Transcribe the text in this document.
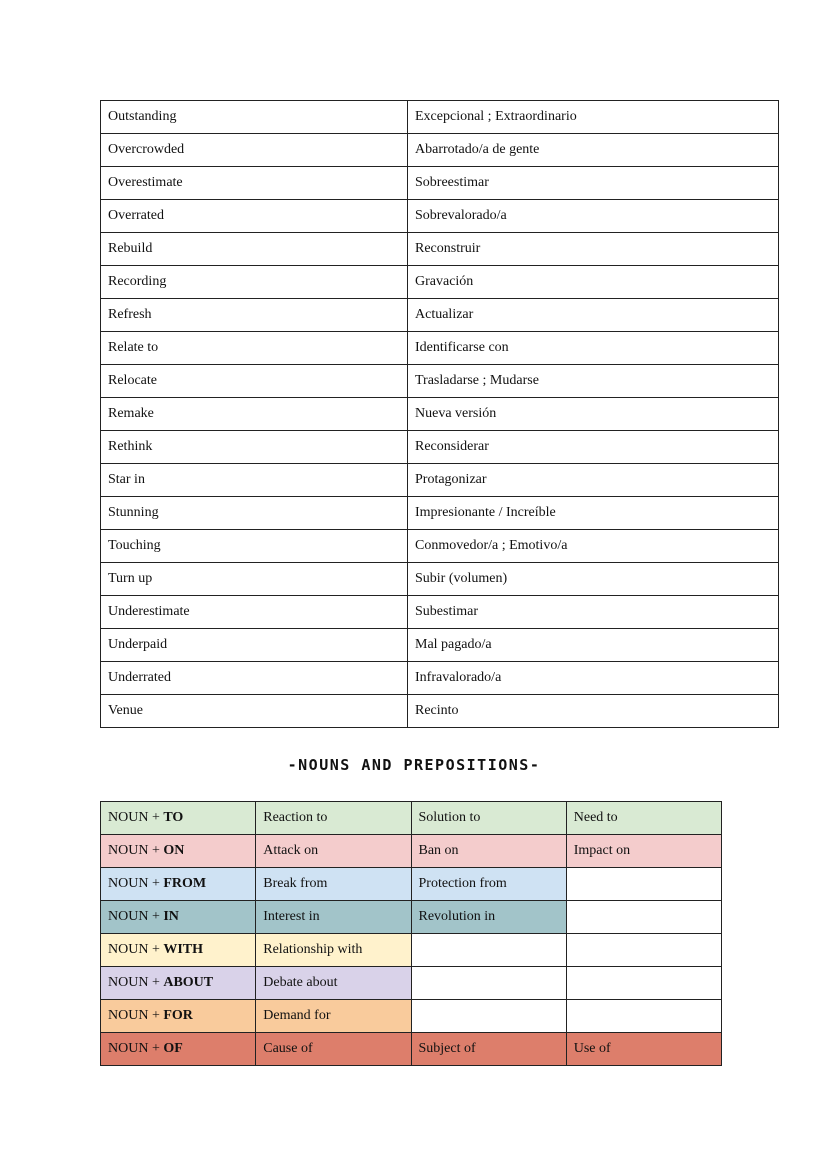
Outstanding	Excepcional ; Extraordinario
Overcrowded	Abarrotado/a de gente
Overestimate	Sobreestimar
Overrated	Sobrevalorado/a
Rebuild	Reconstruir
Recording	Gravación
Refresh	Actualizar
Relate to	Identificarse con
Relocate	Trasladarse ; Mudarse
Remake	Nueva versión
Rethink	Reconsiderar
Star in	Protagonizar
Stunning	Impresionante / Increíble
Touching	Conmovedor/a ; Emotivo/a
Turn up	Subir (volumen)
Underestimate	Subestimar
Underpaid	Mal pagado/a
Underrated	Infravalorado/a
Venue	Recinto
-NOUNS AND PREPOSITIONS-
NOUN + TO	Reaction to	Solution to	Need to
NOUN + ON	Attack on	Ban on	Impact on
NOUN + FROM	Break from	Protection from	
NOUN + IN	Interest in	Revolution in	
NOUN + WITH	Relationship with		
NOUN + ABOUT	Debate about		
NOUN + FOR	Demand for		
NOUN + OF	Cause of	Subject of	Use of
